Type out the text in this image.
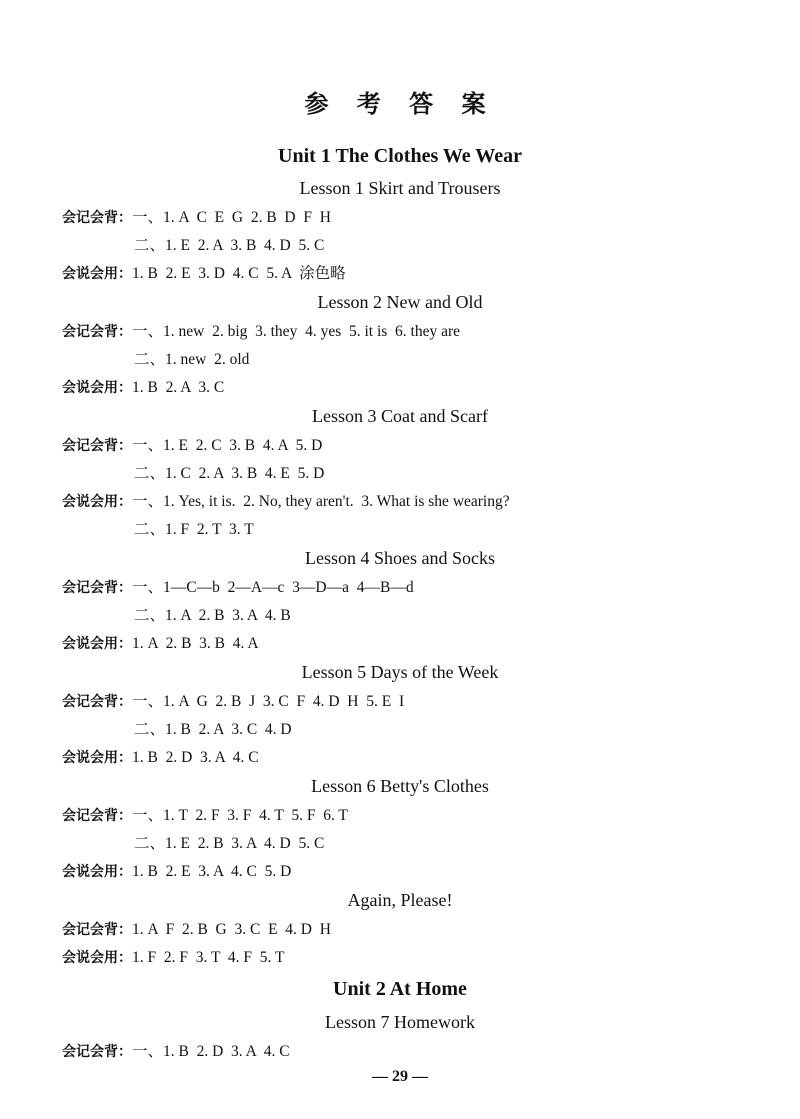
参 考 答 案
Unit 1 The Clothes We Wear
Lesson 1 Skirt and Trousers
会记会背：一、1. A  C  E  G  2. B  D  F  H
二、1. E  2. A  3. B  4. D  5. C
会说会用：1. B  2. E  3. D  4. C  5. A  涂色略
Lesson 2 New and Old
会记会背：一、1. new  2. big  3. they  4. yes  5. it is  6. they are
二、1. new  2. old
会说会用：1. B  2. A  3. C
Lesson 3 Coat and Scarf
会记会背：一、1. E  2. C  3. B  4. A  5. D
二、1. C  2. A  3. B  4. E  5. D
会说会用：一、1. Yes, it is.  2. No, they aren't.  3. What is she wearing?
二、1. F  2. T  3. T
Lesson 4 Shoes and Socks
会记会背：一、1—C—b  2—A—c  3—D—a  4—B—d
二、1. A  2. B  3. A  4. B
会说会用：1. A  2. B  3. B  4. A
Lesson 5 Days of the Week
会记会背：一、1. A  G  2. B  J  3. C  F  4. D  H  5. E  I
二、1. B  2. A  3. C  4. D
会说会用：1. B  2. D  3. A  4. C
Lesson 6 Betty's Clothes
会记会背：一、1. T  2. F  3. F  4. T  5. F  6. T
二、1. E  2. B  3. A  4. D  5. C
会说会用：1. B  2. E  3. A  4. C  5. D
Again, Please!
会记会背：1. A  F  2. B  G  3. C  E  4. D  H
会说会用：1. F  2. F  3. T  4. F  5. T
Unit 2 At Home
Lesson 7 Homework
会记会背：一、1. B  2. D  3. A  4. C
— 29 —
